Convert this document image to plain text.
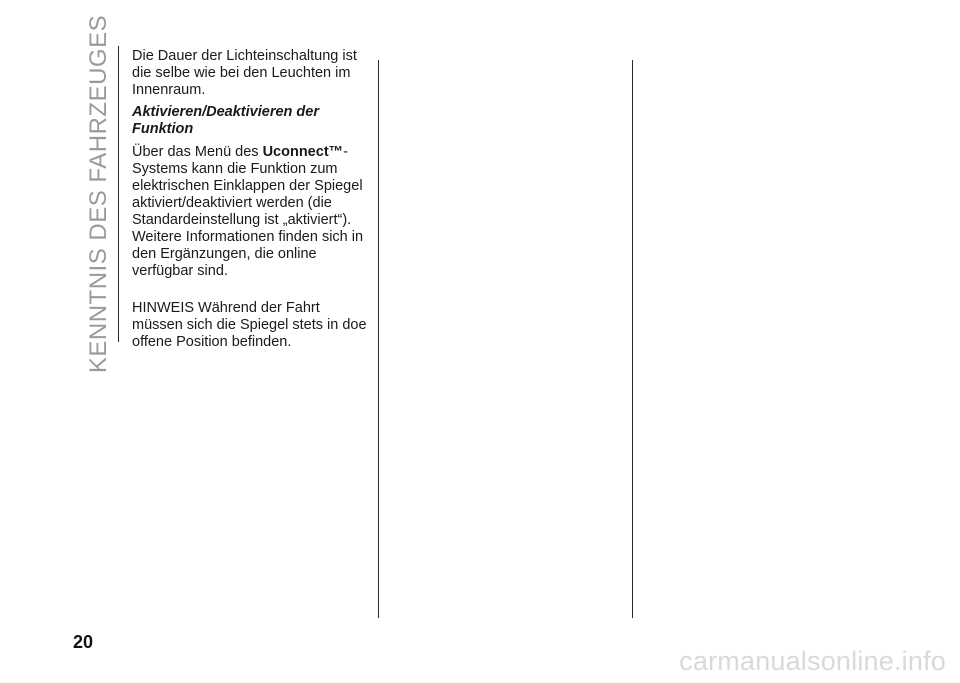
KENNTNIS DES FAHRZEUGES Die Dauer der Lichteinschaltung ist die selbe wie bei den Leuchten im Innenraum.

Aktivieren/Deaktivieren der Funktion

Über das Menü des Uconnect™-Systems kann die Funktion zum elektrischen Einklappen der Spiegel aktiviert/deaktiviert werden (die Standardeinstellung ist „aktiviert“). Weitere Informationen finden sich in den Ergänzungen, die online verfügbar sind.

HINWEIS Während der Fahrt müssen sich die Spiegel stets in doe offene Position befinden.

20
carmanualsonline.info
